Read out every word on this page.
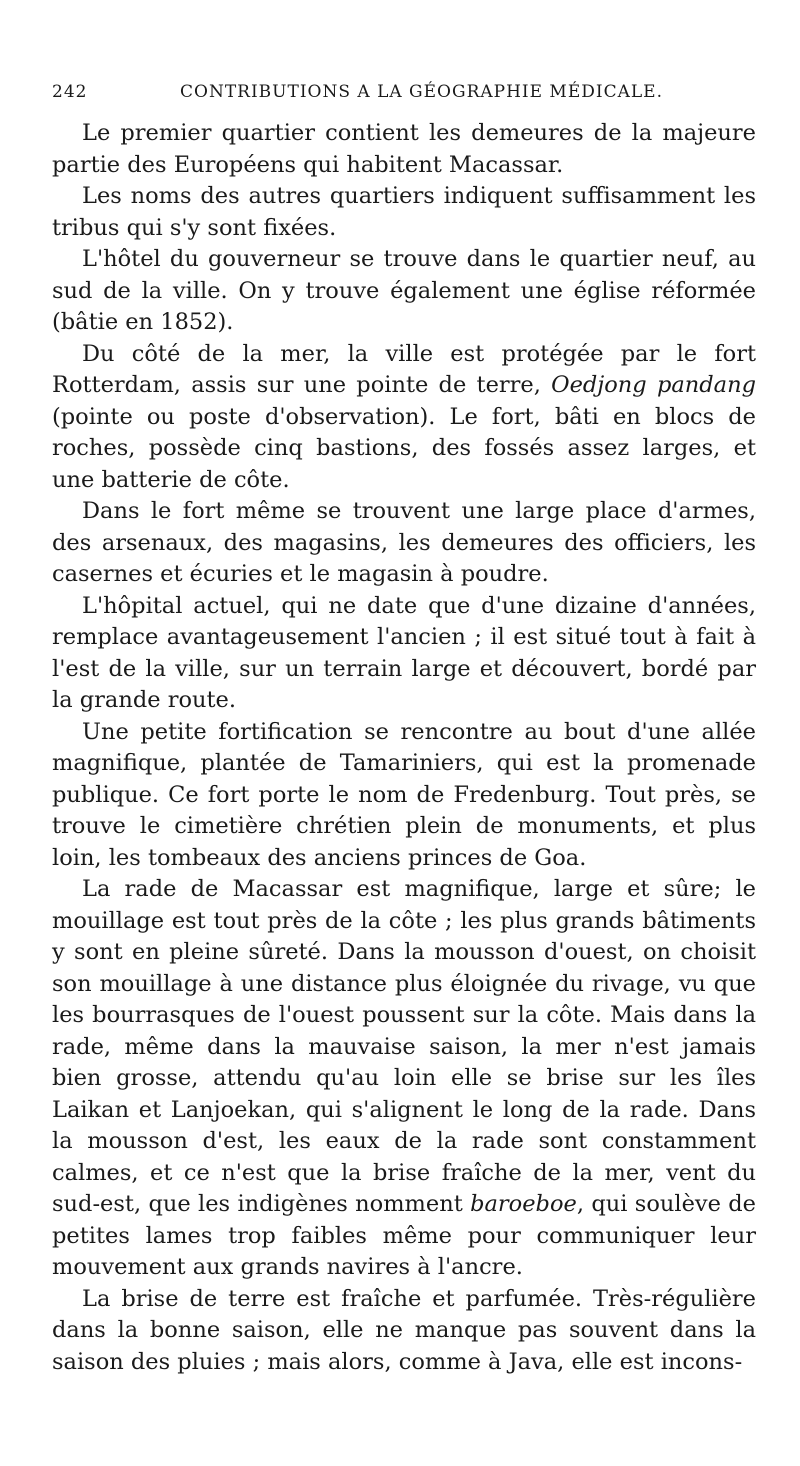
242	CONTRIBUTIONS A LA GÉOGRAPHIE MÉDICALE.

Le premier quartier contient les demeures de la majeure partie des Européens qui habitent Macassar.

Les noms des autres quartiers indiquent suffisamment les tribus qui s'y sont fixées.

L'hôtel du gouverneur se trouve dans le quartier neuf, au sud de la ville. On y trouve également une église réformée (bâtie en 1852).

Du côté de la mer, la ville est protégée par le fort Rotterdam, assis sur une pointe de terre, Oedjong pandang (pointe ou poste d'observation). Le fort, bâti en blocs de roches, possède cinq bastions, des fossés assez larges, et une batterie de côte.

Dans le fort même se trouvent une large place d'armes, des arsenaux, des magasins, les demeures des officiers, les casernes et écuries et le magasin à poudre.

L'hôpital actuel, qui ne date que d'une dizaine d'années, remplace avantageusement l'ancien ; il est situé tout à fait à l'est de la ville, sur un terrain large et découvert, bordé par la grande route.

Une petite fortification se rencontre au bout d'une allée magnifique, plantée de Tamariniers, qui est la promenade publique. Ce fort porte le nom de Fredenburg. Tout près, se trouve le cimetière chrétien plein de monuments, et plus loin, les tombeaux des anciens princes de Goa.

La rade de Macassar est magnifique, large et sûre; le mouillage est tout près de la côte ; les plus grands bâtiments y sont en pleine sûreté. Dans la mousson d'ouest, on choisit son mouillage à une distance plus éloignée du rivage, vu que les bourrasques de l'ouest poussent sur la côte. Mais dans la rade, même dans la mauvaise saison, la mer n'est jamais bien grosse, attendu qu'au loin elle se brise sur les îles Laikan et Lanjoekan, qui s'alignent le long de la rade. Dans la mousson d'est, les eaux de la rade sont constamment calmes, et ce n'est que la brise fraîche de la mer, vent du sud-est, que les indigènes nomment baroeboe, qui soulève de petites lames trop faibles même pour communiquer leur mouvement aux grands navires à l'ancre.

La brise de terre est fraîche et parfumée. Très-régulière dans la bonne saison, elle ne manque pas souvent dans la saison des pluies ; mais alors, comme à Java, elle est incons-
